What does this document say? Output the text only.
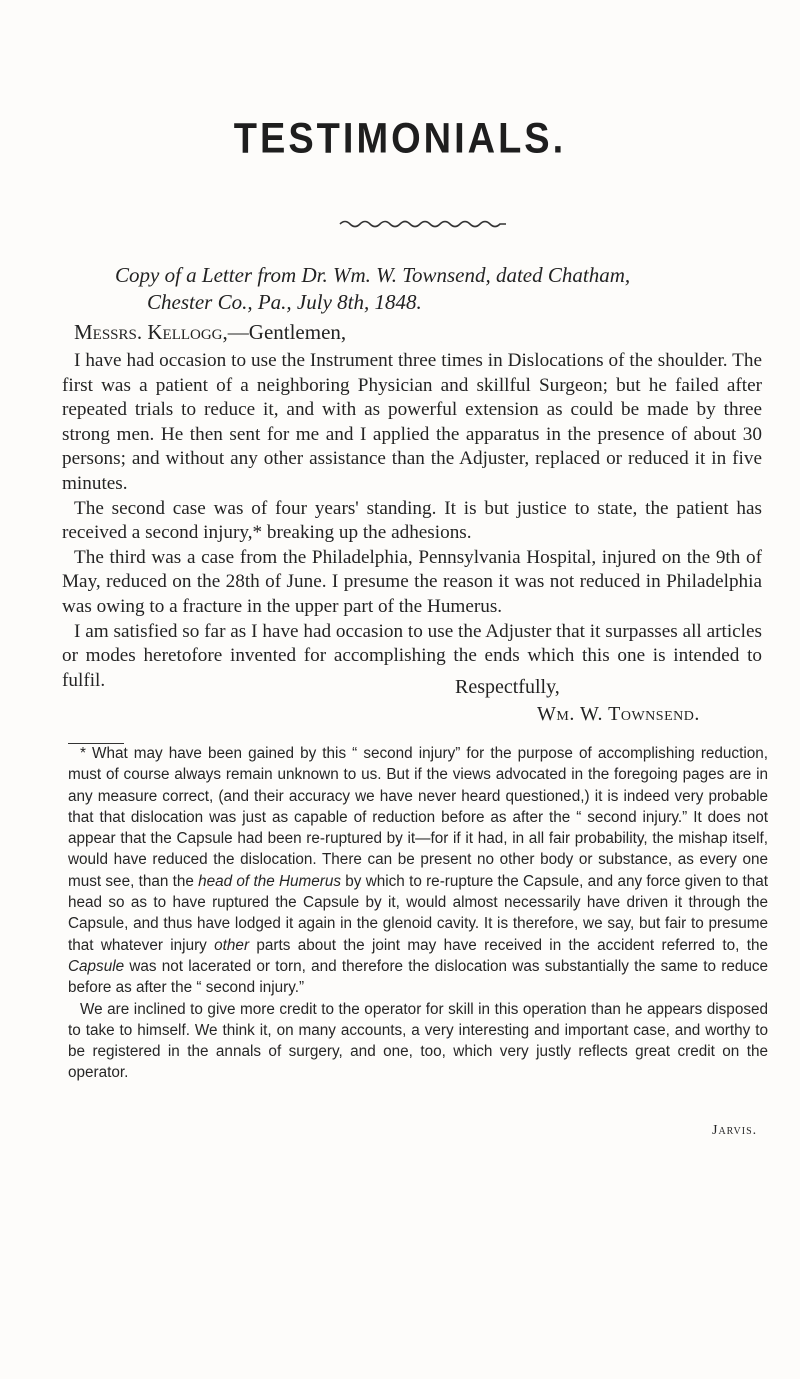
TESTIMONIALS.
Copy of a Letter from Dr. Wm. W. Townsend, dated Chatham,
Chester Co., Pa., July 8th, 1848.
Messrs. Kellogg,—Gentlemen,

I have had occasion to use the Instrument three times in Dislocations of the shoulder. The first was a patient of a neighboring Physician and skillful Surgeon; but he failed after repeated trials to reduce it, and with as powerful extension as could be made by three strong men. He then sent for me and I applied the apparatus in the presence of about 30 persons; and without any other assistance than the Adjuster, replaced or reduced it in five minutes.

The second case was of four years' standing. It is but justice to state, the patient has received a second injury,* breaking up the adhesions.

The third was a case from the Philadelphia, Pennsylvania Hospital, injured on the 9th of May, reduced on the 28th of June. I presume the reason it was not reduced in Philadelphia was owing to a fracture in the upper part of the Humerus.

I am satisfied so far as I have had occasion to use the Adjuster that it surpasses all articles or modes heretofore invented for accomplishing the ends which this one is intended to fulfil.	Respectfully,
Wm. W. Townsend.

* What may have been gained by this “ second injury” for the purpose of accomplishing reduction, must of course always remain unknown to us. But if the views advocated in the foregoing pages are in any measure correct, (and their accuracy we have never heard questioned,) it is indeed very probable that that dislocation was just as capable of reduction before as after the “ second injury.” It does not appear that the Capsule had been re-ruptured by it—for if it had, in all fair probability, the mishap itself, would have reduced the dislocation. There can be present no other body or substance, as every one must see, than the head of the Humerus by which to re-rupture the Capsule, and any force given to that head so as to have ruptured the Capsule by it, would almost necessarily have driven it through the Capsule, and thus have lodged it again in the glenoid cavity. It is therefore, we say, but fair to presume that whatever injury other parts about the joint may have received in the accident referred to, the Capsule was not lacerated or torn, and therefore the dislocation was substantially the same to reduce before as after the “ second injury.”

We are inclined to give more credit to the operator for skill in this operation than he appears disposed to take to himself. We think it, on many accounts, a very interesting and important case, and worthy to be registered in the annals of surgery, and one, too, which very justly reflects great credit on the operator.

Jarvis.
